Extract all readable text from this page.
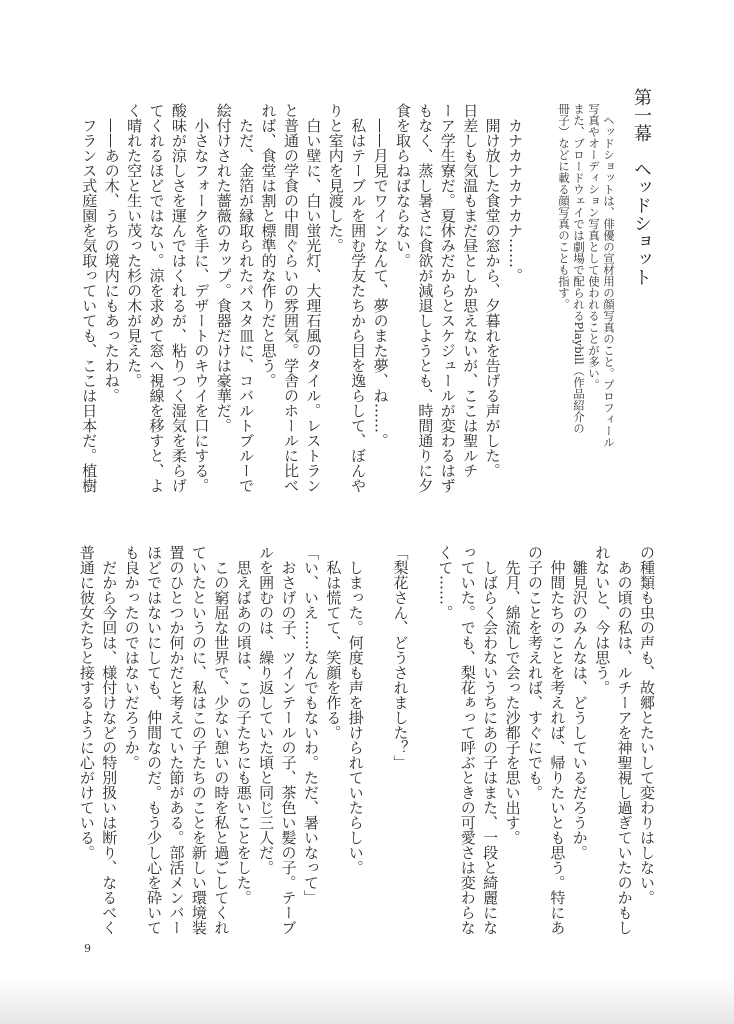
第一幕　ヘッドショット
　ヘッドショットは、俳優の宣材用の顔写真のこと。プロフィール
写真やオーディション写真として使われることが多い。
また、ブロードウェイでは劇場で配られるPlaybill（作品紹介の
冊子）などに載る顔写真のことも指す。
　カナカナカナカナ……。
　開け放した食堂の窓から、夕暮れを告げる声がした。
日差しも気温もまだ昼としか思えないが、ここは聖ルチ
ーア学生寮だ。夏休みだからとスケジュールが変わるはず
もなく、蒸し暑さに食欲が減退しようとも、時間通りに夕
食を取らねばならない。
　——月見でワインなんて、夢のまた夢、ね……。
　私はテーブルを囲む学友たちから目を逸らして、ぼんや
りと室内を見渡した。
　白い壁に、白い蛍光灯、大理石風のタイル。レストラン
と普通の学食の中間ぐらいの雰囲気。学舎のホールに比べ
れば、食堂は割と標準的な作りだと思う。
　ただ、金箔が縁取られたパスタ皿に、コバルトブルーで
絵付けされた薔薇のカップ。食器だけは豪華だ。
　小さなフォークを手に、デザートのキウイを口にする。
酸味が涼しさを運んではくれるが、粘りつく湿気を柔らげ
てくれるほどではない。涼を求めて窓へ視線を移すと、よ
く晴れた空と生い茂った杉の木が見えた。
　——あの木、うちの境内にもあったわね。
　フランス式庭園を気取っていても、ここは日本だ。植樹
の種類も虫の声も、故郷とたいして変わりはしない。
　あの頃の私は、ルチーアを神聖視し過ぎていたのかもし
れないと、今は思う。
　雛見沢のみんなは、どうしているだろうか。
　仲間たちのことを考えれば、帰りたいとも思う。特にあ
の子のことを考えれば、すぐにでも。
　先月、綿流しで会った沙都子を思い出す。
　しばらく会わないうちにあの子はまた、一段と綺麗にな
っていた。でも、梨花ぁって呼ぶときの可愛さは変わらな
くて……。
「梨花さん、どうされました？」
　しまった。何度も声を掛けられていたらしい。
　私は慌てて、笑顔を作る。
「い、いえ……なんでもないわ。ただ、暑いなって」
　おさげの子、ツインテールの子、茶色い髪の子。テーブ
ルを囲むのは、繰り返していた頃と同じ三人だ。
　思えばあの頃は、この子たちにも悪いことをした。
　この窮屈な世界で、少ない憩いの時を私と過ごしてくれ
ていたというのに、私はこの子たちのことを新しい環境装
置のひとつか何かだと考えていた節がある。部活メンバー
ほどではないにしても、仲間なのだ。もう少し心を砕いて
も良かったのではないだろうか。
　だから今回は、様付けなどの特別扱いは断り、なるべく
普通に彼女たちと接するように心がけている。
9
